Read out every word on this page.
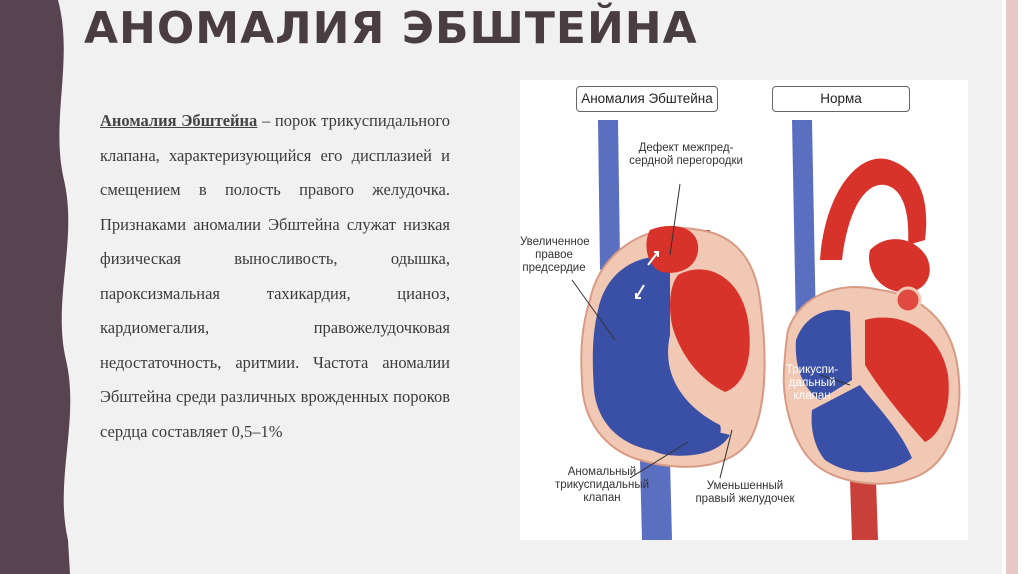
АНОМАЛИЯ ЭБШТЕЙНА
Аномалия Эбштейна – порок трикуспидального клапана, характеризующийся его дисплазией и смещением в полость правого желудочка. Признаками аномалии Эбштейна служат низкая физическая выносливость, одышка, пароксизмальная тахикардия, цианоз, кардиомегалия, правожелудочковая недостаточность, аритмии. Частота аномалии Эбштейна среди различных врожденных пороков сердца составляет 0,5–1%
Аномалия Эбштейна	Норма
Дефект межпред-
сердной перегородки
Увеличенное
правое
предсердие
Аномальный
трикуспидальный
клапан
Уменьшенный
правый желудочек
Трикуспи-
дальный
клапан
